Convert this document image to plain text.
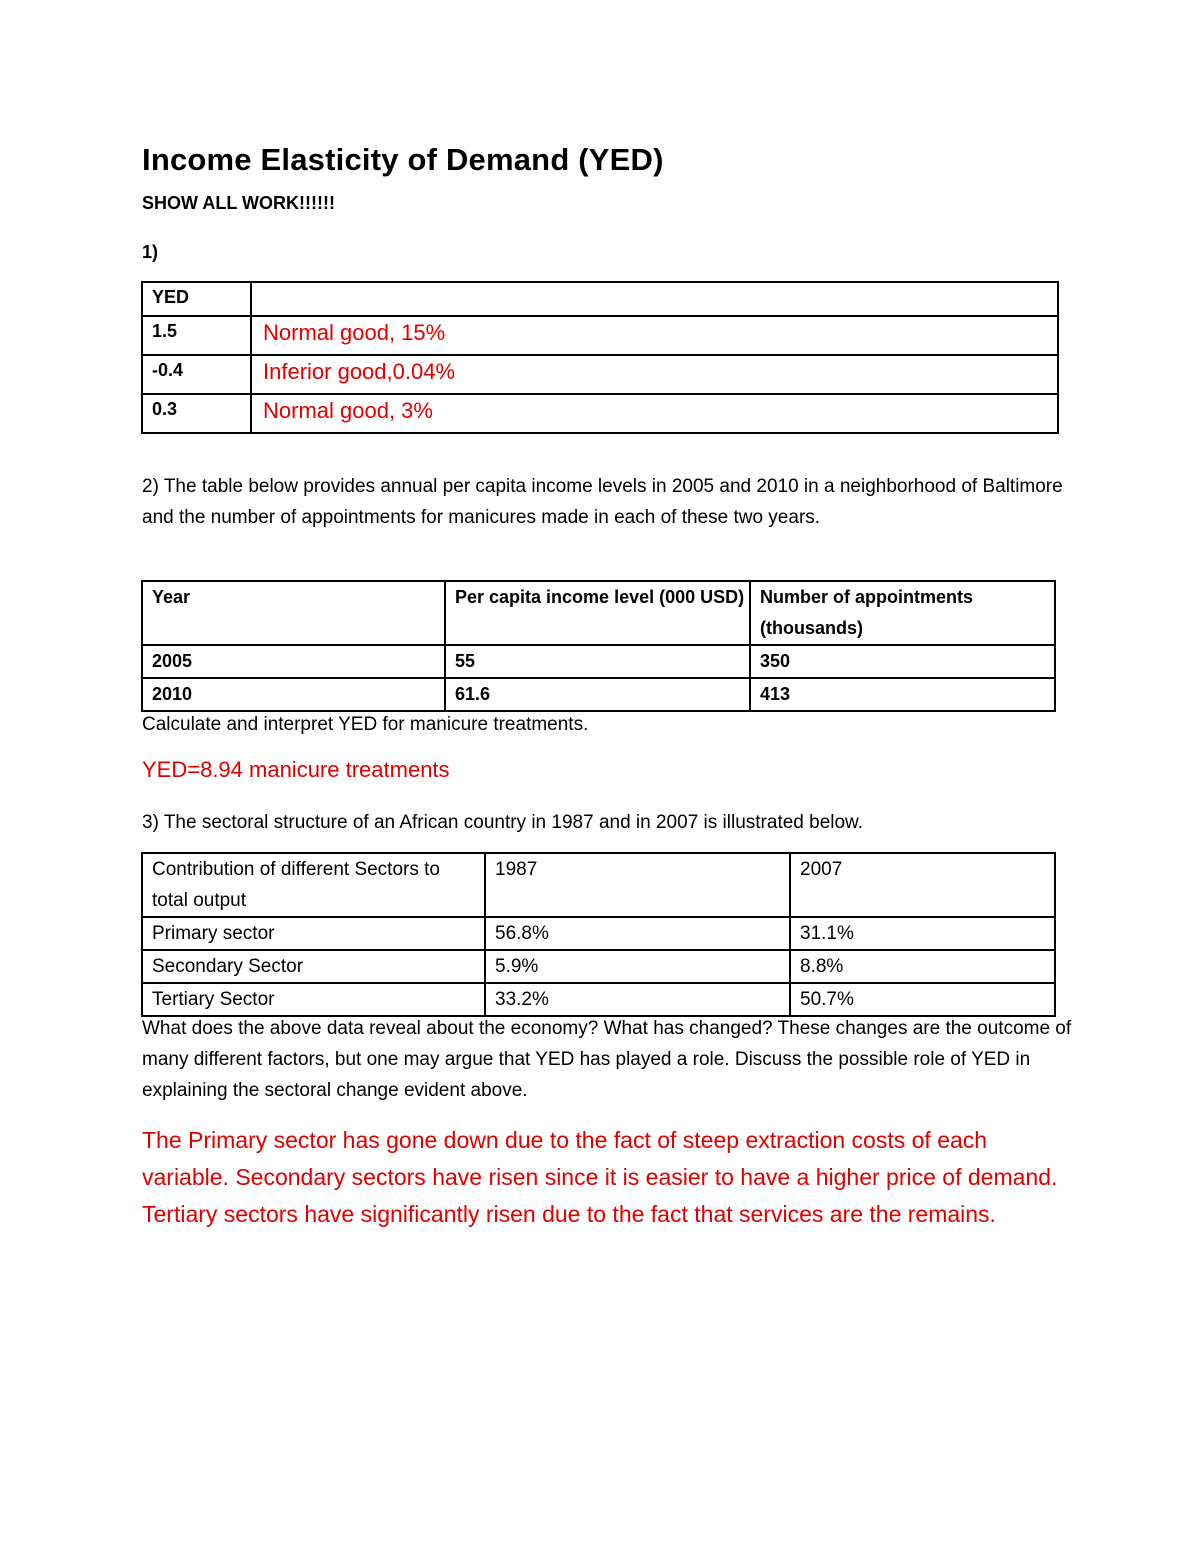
Income Elasticity of Demand (YED)
SHOW ALL WORK!!!!!!
1)
YED	
1.5	Normal good, 15%
-0.4	Inferior good,0.04%
0.3	Normal good, 3%
2) The table below provides annual per capita income levels in 2005 and 2010 in a neighborhood of Baltimore and the number of appointments for manicures made in each of these two years.
Year	Per capita income level (000 USD)	Number of appointments (thousands)
2005	55	350
2010	61.6	413
Calculate and interpret YED for manicure treatments.
YED=8.94 manicure treatments
3) The sectoral structure of an African country in 1987 and in 2007 is illustrated below.
Contribution of different Sectors to total output	1987	2007
Primary sector	56.8%	31.1%
Secondary Sector	5.9%	8.8%
Tertiary Sector	33.2%	50.7%
What does the above data reveal about the economy? What has changed? These changes are the outcome of many different factors, but one may argue that YED has played a role. Discuss the possible role of YED in explaining the sectoral change evident above.
The Primary sector has gone down due to the fact of steep extraction costs of each variable. Secondary sectors have risen since it is easier to have a higher price of demand. Tertiary sectors have significantly risen due to the fact that services are the remains.
